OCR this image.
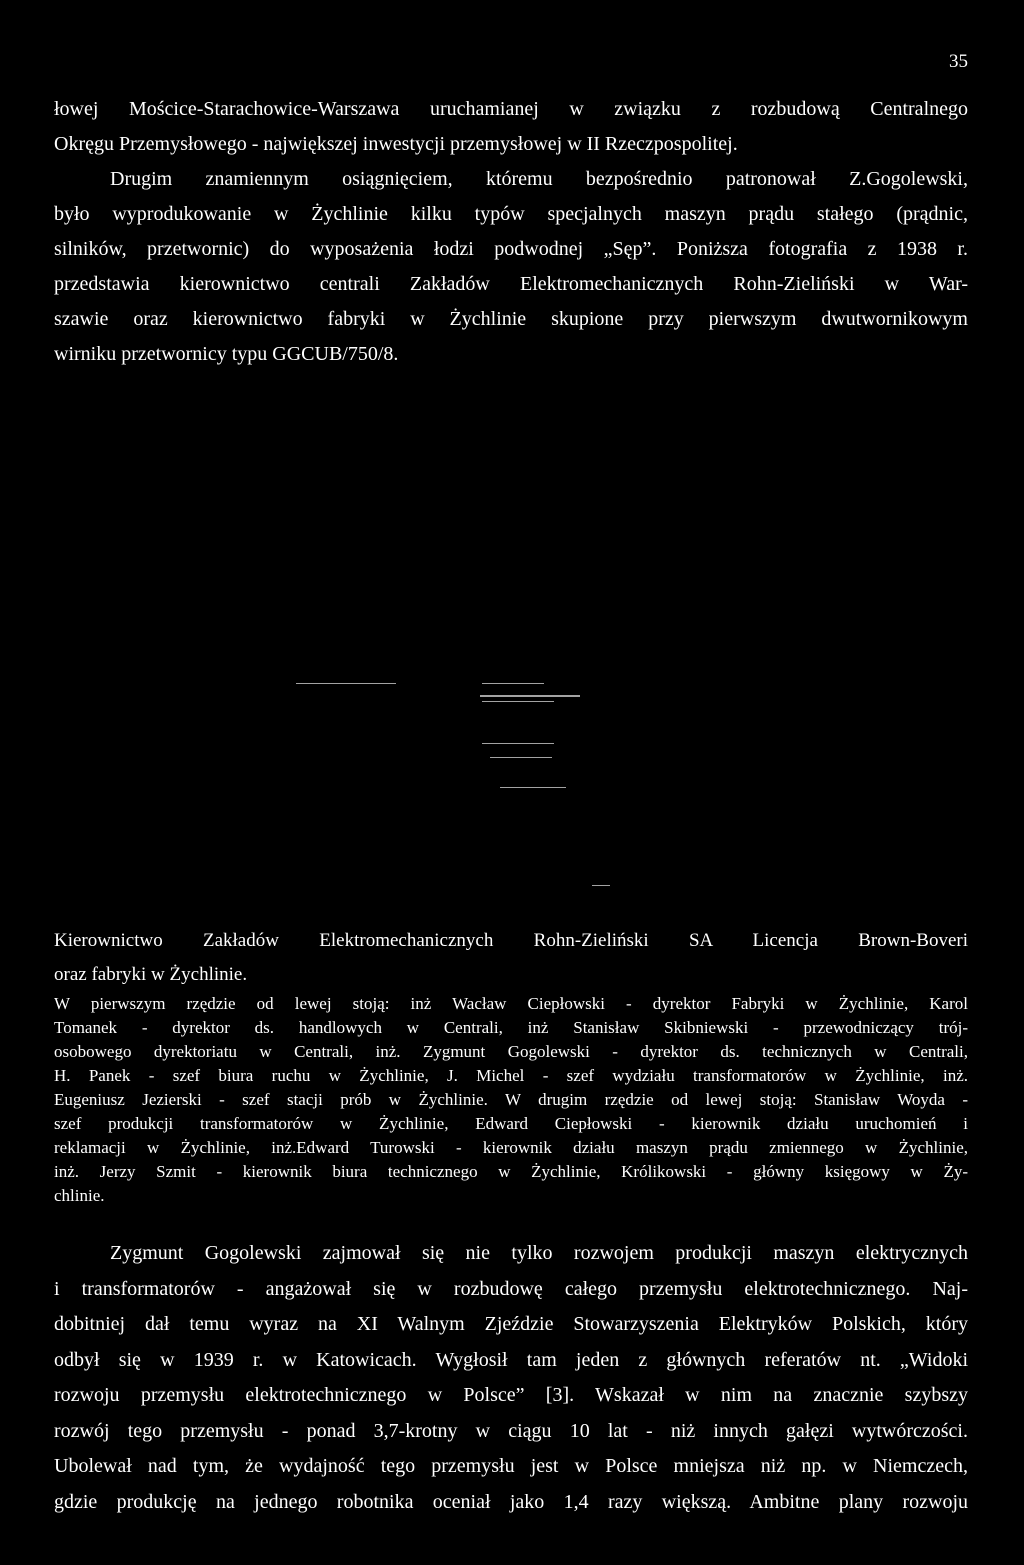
35
łowej Mościce-Starachowice-Warszawa uruchamianej w związku z rozbudową Centralnego
Okręgu Przemysłowego - największej inwestycji przemysłowej w II Rzeczpospolitej.
Drugim znamiennym osiągnięciem, któremu bezpośrednio patronował Z.Gogolewski,
było wyprodukowanie w Żychlinie kilku typów specjalnych maszyn prądu stałego (prądnic,
silników, przetwornic) do wyposażenia łodzi podwodnej „Sęp”. Poniższa fotografia z 1938 r.
przedstawia kierownictwo centrali Zakładów Elektromechanicznych Rohn-Zieliński w War-
szawie oraz kierownictwo fabryki w Żychlinie skupione przy pierwszym dwutwornikowym
wirniku przetwornicy typu GGCUB/750/8.
Kierownictwo Zakładów Elektromechanicznych Rohn-Zieliński SA Licencja Brown-Boveri
oraz fabryki w Żychlinie.
W pierwszym rzędzie od lewej stoją: inż Wacław Ciepłowski - dyrektor Fabryki w Żychlinie, Karol
Tomanek - dyrektor ds. handlowych w Centrali, inż Stanisław Skibniewski - przewodniczący trój-
osobowego dyrektoriatu w Centrali, inż. Zygmunt Gogolewski - dyrektor ds. technicznych w Centrali,
H. Panek - szef biura ruchu w Żychlinie, J. Michel - szef wydziału transformatorów w Żychlinie, inż.
Eugeniusz Jezierski - szef stacji prób w Żychlinie. W drugim rzędzie od lewej stoją: Stanisław Woyda -
szef produkcji transformatorów w Żychlinie, Edward Ciepłowski - kierownik działu uruchomień i
reklamacji w Żychlinie, inż.Edward Turowski - kierownik działu maszyn prądu zmiennego w Żychlinie,
inż. Jerzy Szmit - kierownik biura technicznego w Żychlinie, Królikowski - główny księgowy w Ży-
chlinie.
Zygmunt Gogolewski zajmował się nie tylko rozwojem produkcji maszyn elektrycznych
i transformatorów - angażował się w rozbudowę całego przemysłu elektrotechnicznego. Naj-
dobitniej dał temu wyraz na XI Walnym Zjeździe Stowarzyszenia Elektryków Polskich, który
odbył się w 1939 r. w Katowicach. Wygłosił tam jeden z głównych referatów nt. „Widoki
rozwoju przemysłu elektrotechnicznego w Polsce” [3]. Wskazał w nim na znacznie szybszy
rozwój tego przemysłu - ponad 3,7-krotny w ciągu 10 lat - niż innych gałęzi wytwórczości.
Ubolewał nad tym, że wydajność tego przemysłu jest w Polsce mniejsza niż np. w Niemczech,
gdzie produkcję na jednego robotnika oceniał jako 1,4 razy większą. Ambitne plany rozwoju
